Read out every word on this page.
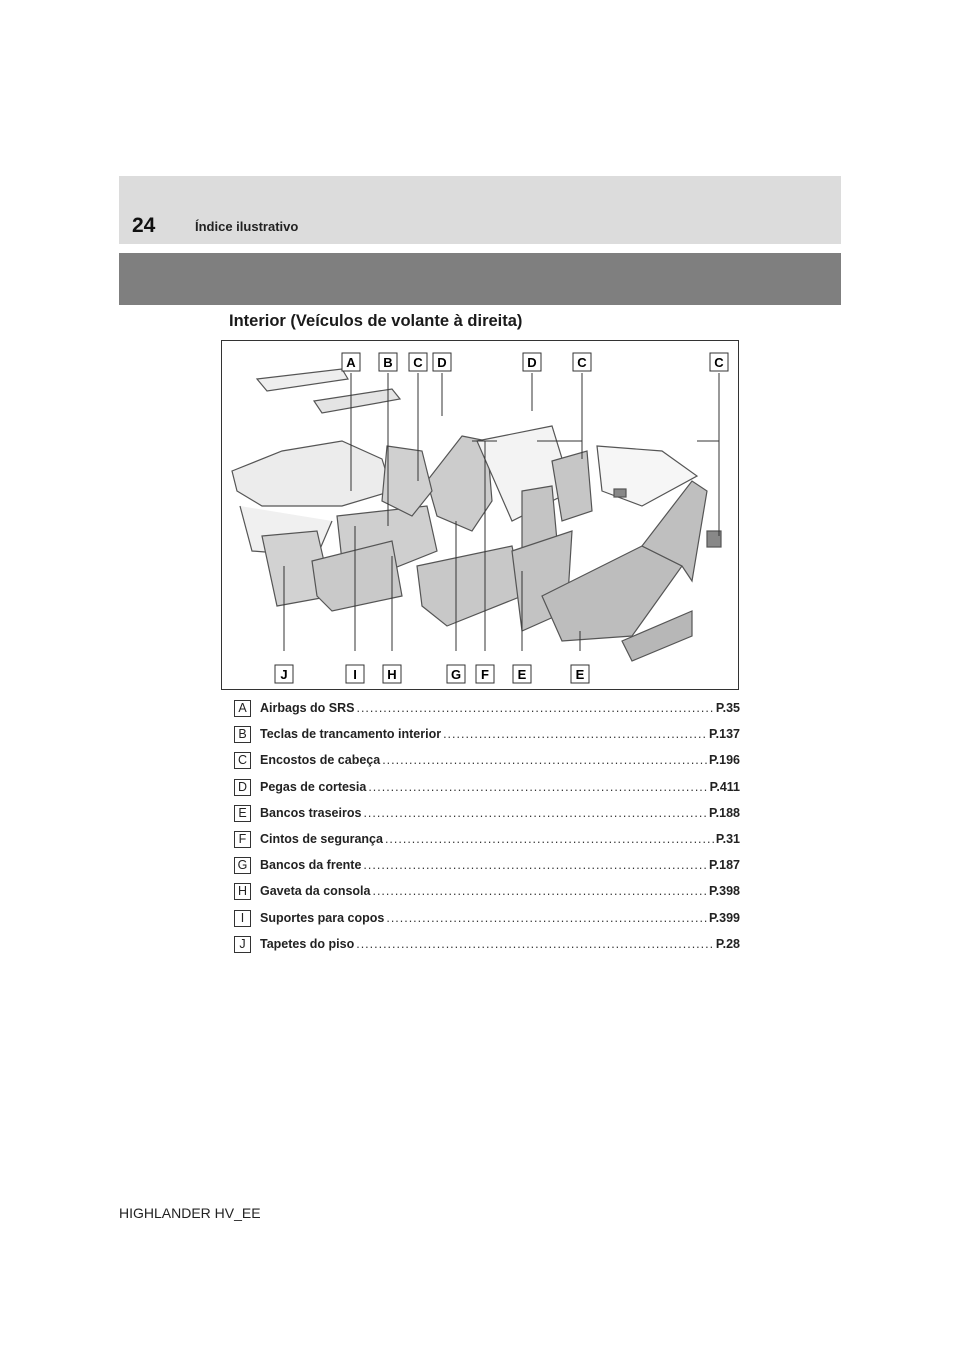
24	Índice ilustrativo
Interior (Veículos de volante à direita)
A B C D	D	C	C
J	I H	G F E	E
A	Airbags do SRS .....	P.35
B	Teclas de trancamento interior .....	P.137
C	Encostos de cabeça .....	P.196
D	Pegas de cortesia .....	P.411
E	Bancos traseiros .....	P.188
F	Cintos de segurança .....	P.31
G Bancos da frente .....	P.187
H	Gaveta da consola .....	P.398
I	Suportes para copos .....	P.399
J	Tapetes do piso .....	P.28
HIGHLANDER HV_EE
